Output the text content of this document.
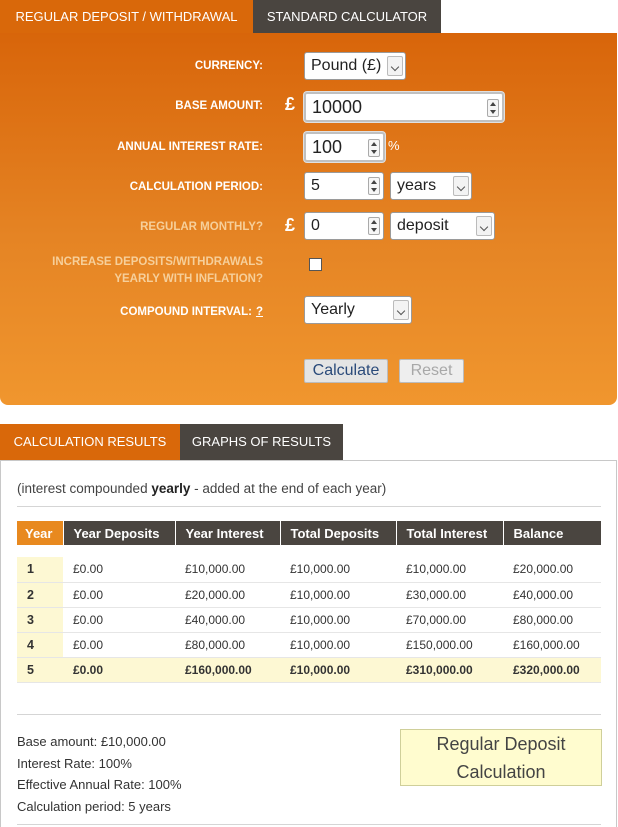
REGULAR DEPOSIT / WITHDRAWAL	STANDARD CALCULATOR
CURRENCY:	Pound (£)
BASE AMOUNT: £ 10000
ANNUAL INTEREST RATE:	100	%
CALCULATION PERIOD:	5	years
REGULAR MONTHLY? £ 0	deposit
INCREASE DEPOSITS/WITHDRAWALS
YEARLY WITH INFLATION?
COMPOUND INTERVAL: ?	Yearly
Calculate	Reset
CALCULATION RESULTS	GRAPHS OF RESULTS
(interest compounded yearly - added at the end of each year)
Year	Year Deposits	Year Interest	Total Deposits	Total Interest	Balance

1	£0.00	£10,000.00	£10,000.00	£10,000.00	£20,000.00
2	£0.00	£20,000.00	£10,000.00	£30,000.00	£40,000.00
3	£0.00	£40,000.00	£10,000.00	£70,000.00	£80,000.00
4	£0.00	£80,000.00	£10,000.00	£150,000.00	£160,000.00
5	£0.00	£160,000.00	£10,000.00	£310,000.00	£320,000.00
Base amount: £10,000.00
Interest Rate: 100%
Effective Annual Rate: 100%
Calculation period: 5 years
Regular Deposit
Calculation
